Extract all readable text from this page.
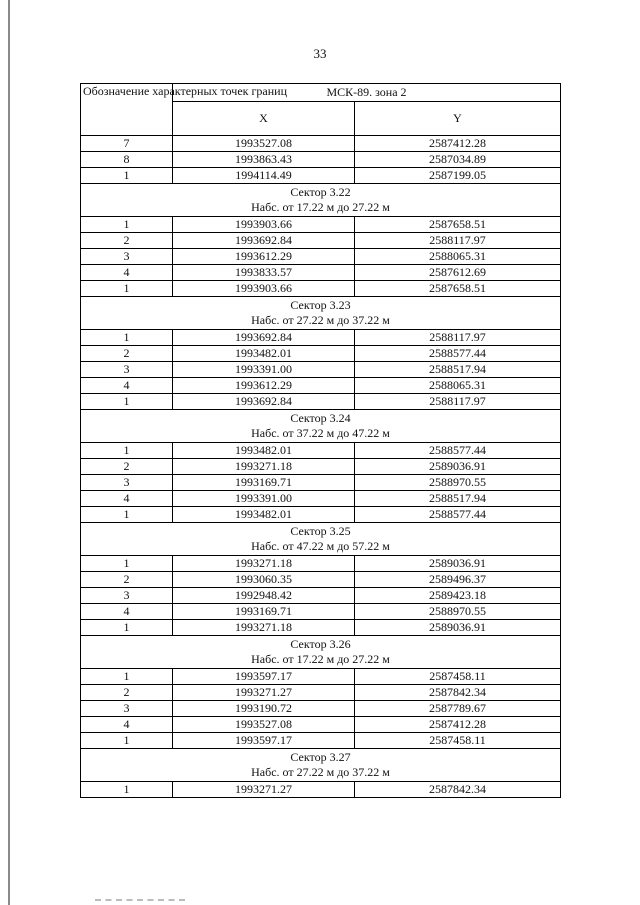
33
Обозначение характерных точек границ	МСК-89. зона 2	
	X	Y
7	1993527.08	2587412.28
8	1993863.43	2587034.89
1	1994114.49	2587199.05

Сектор 3.22
Набс. от 17.22 м до 27.22 м		

1	1993903.66	2587658.51
2	1993692.84	2588117.97
3	1993612.29	2588065.31
4	1993833.57	2587612.69
1	1993903.66	2587658.51

Сектор 3.23
Набс. от 27.22 м до 37.22 м		

1	1993692.84	2588117.97
2	1993482.01	2588577.44
3	1993391.00	2588517.94
4	1993612.29	2588065.31
1	1993692.84	2588117.97

Сектор 3.24
Набс. от 37.22 м до 47.22 м		

1	1993482.01	2588577.44
2	1993271.18	2589036.91
3	1993169.71	2588970.55
4	1993391.00	2588517.94
1	1993482.01	2588577.44

Сектор 3.25
Набс. от 47.22 м до 57.22 м		

1	1993271.18	2589036.91
2	1993060.35	2589496.37
3	1992948.42	2589423.18
4	1993169.71	2588970.55
1	1993271.18	2589036.91

Сектор 3.26
Набс. от 17.22 м до 27.22 м		

1	1993597.17	2587458.11
2	1993271.27	2587842.34
3	1993190.72	2587789.67
4	1993527.08	2587412.28
1	1993597.17	2587458.11

Сектор 3.27
Набс. от 27.22 м до 37.22 м		

1	1993271.27	2587842.34
